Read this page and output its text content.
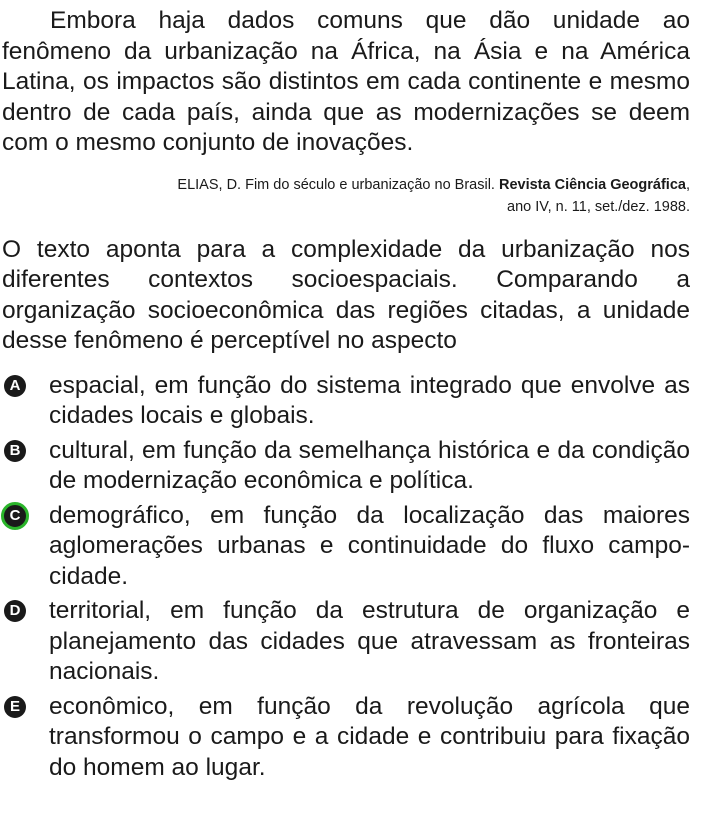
Embora haja dados comuns que dão unidade ao fenômeno da urbanização na África, na Ásia e na América Latina, os impactos são distintos em cada continente e mesmo dentro de cada país, ainda que as modernizações se deem com o mesmo conjunto de inovações.

ELIAS, D. Fim do século e urbanização no Brasil. Revista Ciência Geográfica,
ano IV, n. 11, set./dez. 1988.

O texto aponta para a complexidade da urbanização nos diferentes contextos socioespaciais. Comparando a organização socioeconômica das regiões citadas, a unidade desse fenômeno é perceptível no aspecto

A espacial, em função do sistema integrado que envolve as cidades locais e globais.
B cultural, em função da semelhança histórica e da condição de modernização econômica e política.
C	demográfico, em função da localização das maiores aglomerações urbanas e continuidade do fluxo campo-cidade.
D territorial, em função da estrutura de organização e planejamento das cidades que atravessam as fronteiras nacionais.
E econômico, em função da revolução agrícola que transformou o campo e a cidade e contribuiu para fixação do homem ao lugar.
